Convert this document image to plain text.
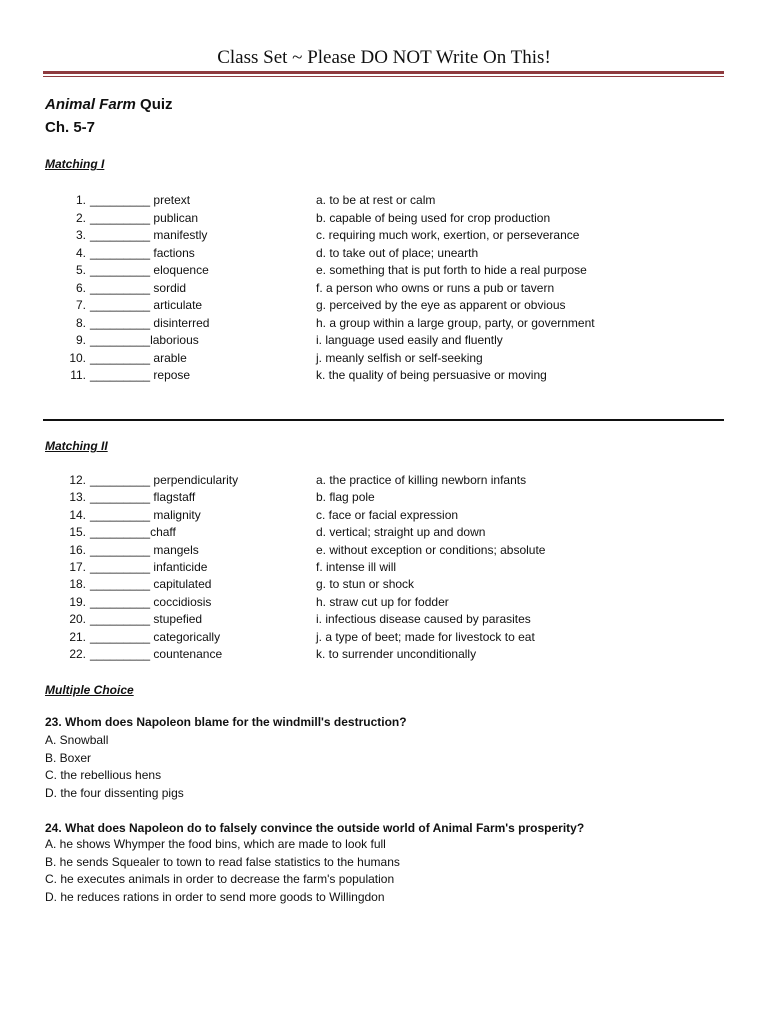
Class Set ~ Please DO NOT Write On This!
Animal Farm Quiz
Ch. 5-7
Matching I
1. _________ pretext	a. to be at rest or calm
2. _________ publican	b. capable of being used for crop production
3. _________ manifestly	c. requiring much work, exertion, or perseverance
4. _________ factions	d. to take out of place; unearth
5. _________ eloquence	e. something that is put forth to hide a real purpose
6. _________ sordid	f. a person who owns or runs a pub or tavern
7. _________ articulate	g. perceived by the eye as apparent or obvious
8. _________ disinterred	h. a group within a large group, party, or government
9. _________laborious	i. language used easily and fluently
10. _________ arable	j. meanly selfish or self-seeking
11. _________ repose	k. the quality of being persuasive or moving
Matching II
12. _________ perpendicularity	a. the practice of killing newborn infants
13. _________ flagstaff	b. flag pole
14. _________ malignity	c. face or facial expression
15. _________chaff	d. vertical; straight up and down
16. _________ mangels	e. without exception or conditions; absolute
17. _________ infanticide	f. intense ill will
18. _________ capitulated	g. to stun or shock
19. _________ coccidiosis	h. straw cut up for fodder
20. _________ stupefied	i. infectious disease caused by parasites
21. _________ categorically	j. a type of beet; made for livestock to eat
22. _________ countenance	k. to surrender unconditionally
Multiple Choice
23. Whom does Napoleon blame for the windmill's destruction?
A. Snowball
B. Boxer
C. the rebellious hens
D. the four dissenting pigs
24. What does Napoleon do to falsely convince the outside world of Animal Farm's prosperity?
A. he shows Whymper the food bins, which are made to look full
B. he sends Squealer to town to read false statistics to the humans
C. he executes animals in order to decrease the farm's population
D. he reduces rations in order to send more goods to Willingdon
